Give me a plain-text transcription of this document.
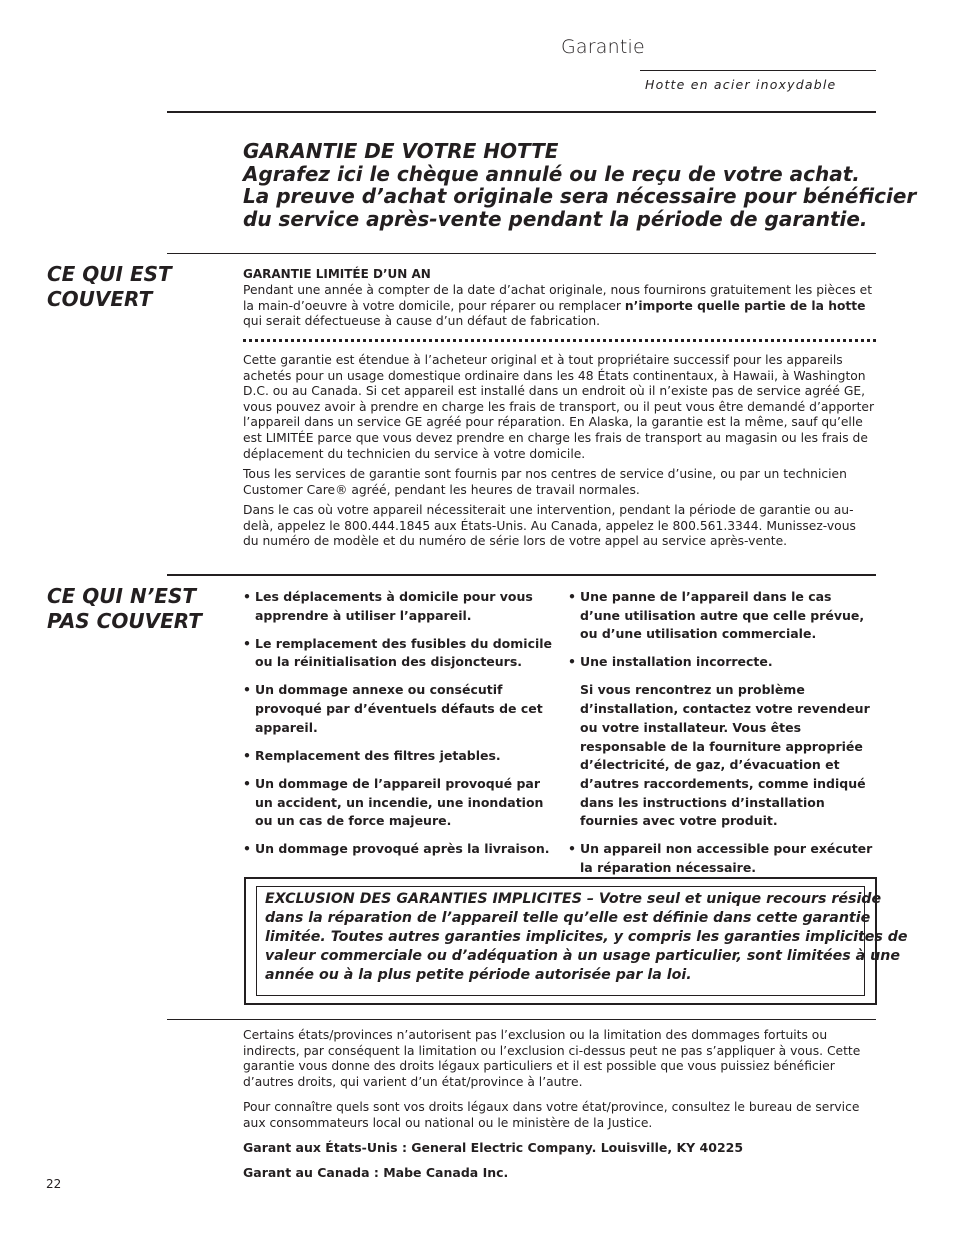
Garantie
Hotte en acier inoxydable
GARANTIE DE VOTRE HOTTE
Agrafez ici le chèque annulé ou le reçu de votre achat.
La preuve d’achat originale sera nécessaire pour bénéficier
du service après-vente pendant la période de garantie.
CE QUI EST
COUVERT
GARANTIE LIMITÉE D’UN AN
Pendant une année à compter de la date d’achat originale, nous fournirons gratuitement les pièces et la main-d’oeuvre à votre domicile, pour réparer ou remplacer n’importe quelle partie de la hotte qui serait défectueuse à cause d’un défaut de fabrication.

Cette garantie est étendue à l’acheteur original et à tout propriétaire successif pour les appareils achetés pour un usage domestique ordinaire dans les 48 États continentaux, à Hawaii, à Washington D.C. ou au Canada. Si cet appareil est installé dans un endroit où il n’existe pas de service agréé GE, vous pouvez avoir à prendre en charge les frais de transport, ou il peut vous être demandé d’apporter l’appareil dans un service GE agréé pour réparation. En Alaska, la garantie est la même, sauf qu’elle est LIMITÉE parce que vous devez prendre en charge les frais de transport au magasin ou les frais de déplacement du technicien du service à votre domicile.

Tous les services de garantie sont fournis par nos centres de service d’usine, ou par un technicien Customer Care® agréé, pendant les heures de travail normales.

Dans le cas où votre appareil nécessiterait une intervention, pendant la période de garantie ou au-delà, appelez le 800.444.1845 aux États-Unis. Au Canada, appelez le 800.561.3344. Munissez-vous du numéro de modèle et du numéro de série lors de votre appel au service après-vente.

CE QUI N’EST
PAS COUVERT
• Les déplacements à domicile pour vous apprendre à utiliser l’appareil.
• Le remplacement des fusibles du domicile ou la réinitialisation des disjoncteurs.
• Un dommage annexe ou consécutif provoqué par d’éventuels défauts de cet appareil.
• Remplacement des filtres jetables.
• Un dommage de l’appareil provoqué par un accident, un incendie, une inondation ou un cas de force majeure.
• Un dommage provoqué après la livraison.
• Une panne de l’appareil dans le cas d’une utilisation autre que celle prévue, ou d’une utilisation commerciale.
• Une installation incorrecte.
Si vous rencontrez un problème d’installation, contactez votre revendeur ou votre installateur. Vous êtes responsable de la fourniture appropriée d’électricité, de gaz, d’évacuation et d’autres raccordements, comme indiqué dans les instructions d’installation fournies avec votre produit.
• Un appareil non accessible pour exécuter la réparation nécessaire.
EXCLUSION DES GARANTIES IMPLICITES – Votre seul et unique recours réside
dans la réparation de l’appareil telle qu’elle est définie dans cette garantie
limitée. Toutes autres garanties implicites, y compris les garanties implicites de
valeur commerciale ou d’adéquation à un usage particulier, sont limitées à une
année ou à la plus petite période autorisée par la loi.
Certains états/provinces n’autorisent pas l’exclusion ou la limitation des dommages fortuits ou indirects, par conséquent la limitation ou l’exclusion ci-dessus peut ne pas s’appliquer à vous. Cette garantie vous donne des droits légaux particuliers et il est possible que vous puissiez bénéficier d’autres droits, qui varient d’un état/province à l’autre.
Pour connaître quels sont vos droits légaux dans votre état/province, consultez le bureau de service aux consommateurs local ou national ou le ministère de la Justice.
Garant aux États-Unis : General Electric Company. Louisville, KY 40225
Garant au Canada : Mabe Canada Inc.
22
